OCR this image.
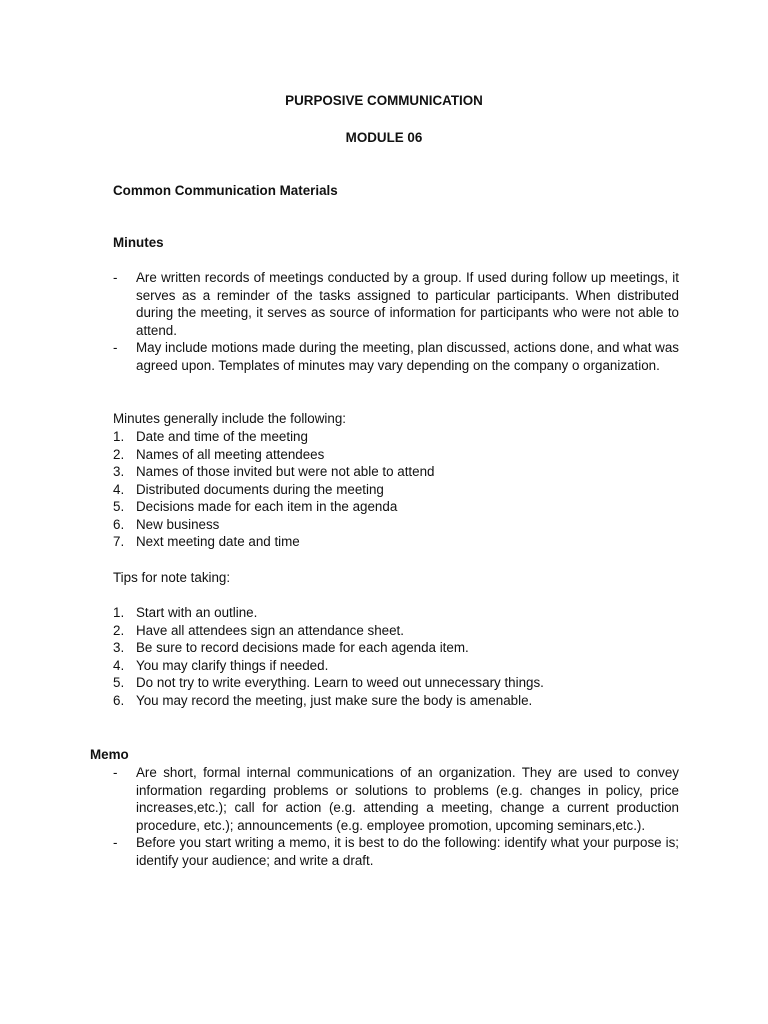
PURPOSIVE COMMUNICATION
MODULE 06
Common Communication Materials
Minutes
- Are written records of meetings conducted by a group. If used during follow up meetings, it serves as a reminder of the tasks assigned to particular participants. When distributed during the meeting, it serves as source of information for participants who were not able to attend.
- May include motions made during the meeting, plan discussed, actions done, and what was agreed upon. Templates of minutes may vary depending on the company o organization.
Minutes generally include the following:
1. Date and time of the meeting
2. Names of all meeting attendees
3. Names of those invited but were not able to attend
4. Distributed documents during the meeting
5. Decisions made for each item in the agenda
6. New business
7. Next meeting date and time
Tips for note taking:
1. Start with an outline.
2. Have all attendees sign an attendance sheet.
3. Be sure to record decisions made for each agenda item.
4. You may clarify things if needed.
5. Do not try to write everything. Learn to weed out unnecessary things.
6. You may record the meeting, just make sure the body is amenable.
Memo
- Are short, formal internal communications of an organization. They are used to convey information regarding problems or solutions to problems (e.g. changes in policy, price increases,etc.); call for action (e.g. attending a meeting, change a current production procedure, etc.); announcements (e.g. employee promotion, upcoming seminars,etc.).
- Before you start writing a memo, it is best to do the following: identify what your purpose is; identify your audience; and write a draft.
